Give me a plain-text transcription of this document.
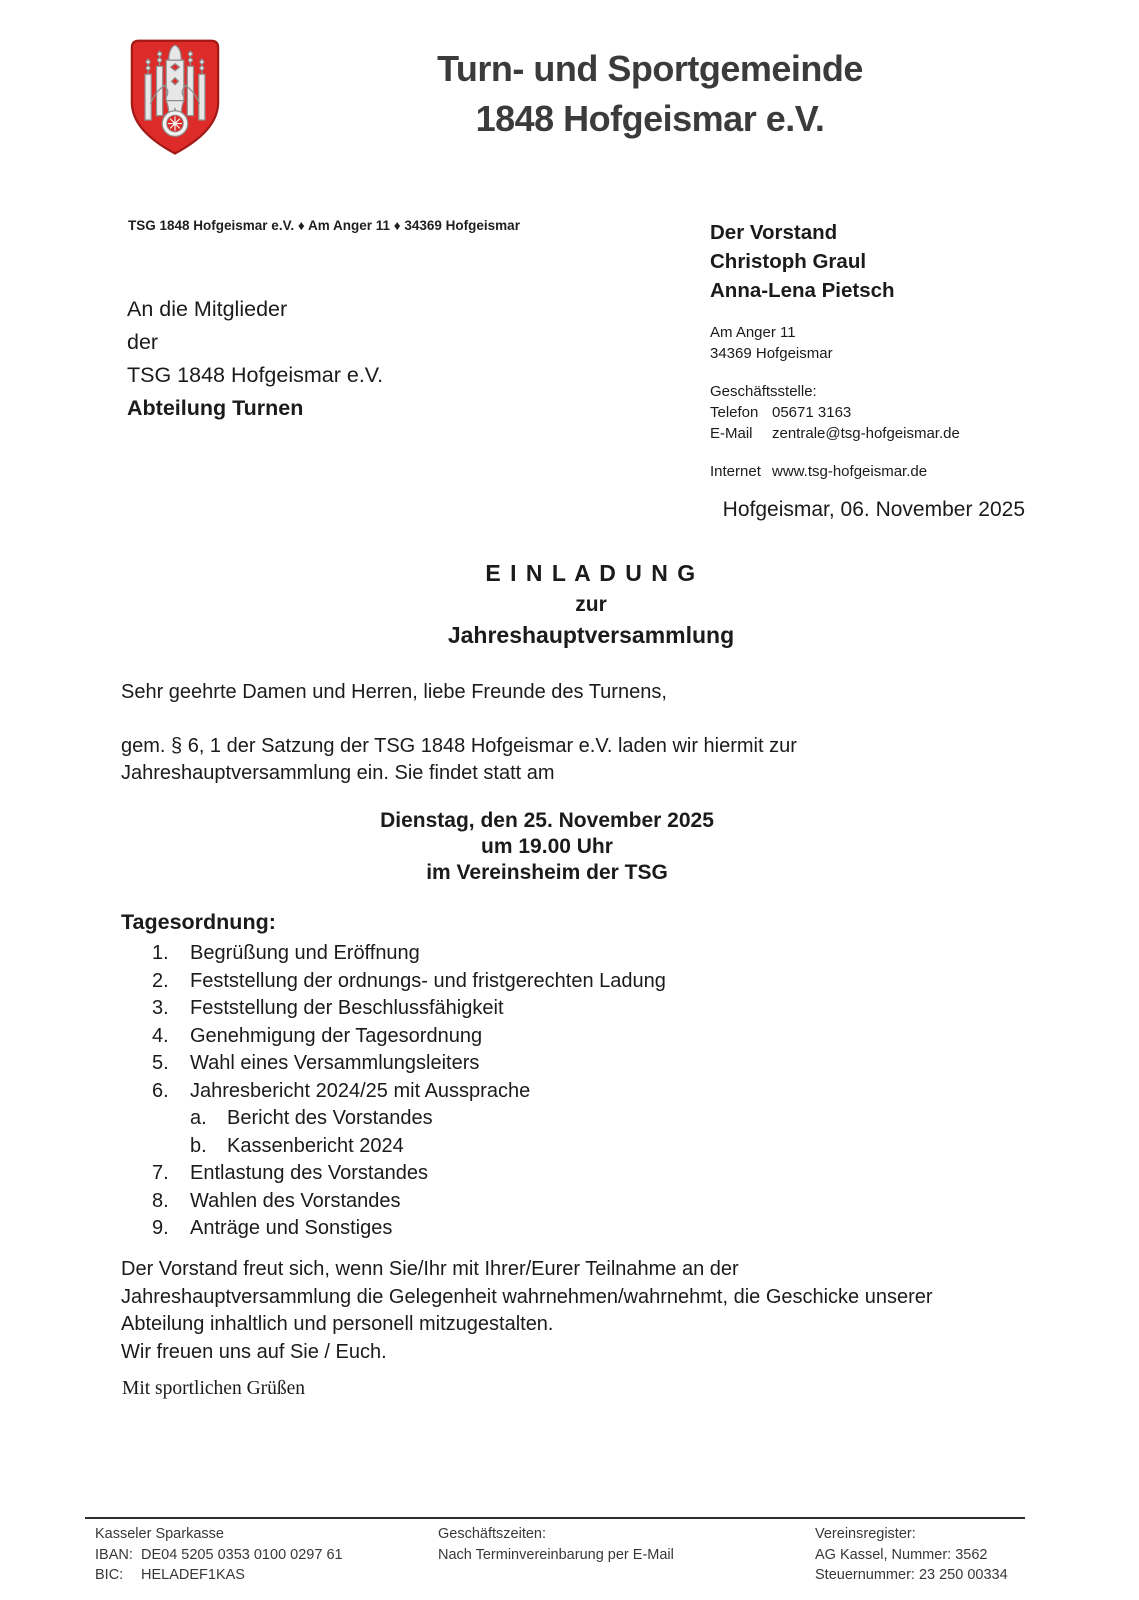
Turn- und Sportgemeinde
1848 Hofgeismar e.V.
TSG 1848 Hofgeismar e.V. ♦ Am Anger 11 ♦ 34369 Hofgeismar
An die Mitglieder
der
TSG 1848 Hofgeismar e.V.
Abteilung Turnen
Der Vorstand
Christoph Graul
Anna-Lena Pietsch
Am Anger 11
34369 Hofgeismar
Geschäftsstelle:
Telefon 05671 3163
E-Mail zentrale@tsg-hofgeismar.de
Internet www.tsg-hofgeismar.de
Hofgeismar, 06. November 2025
E I N L A D U N G
zur
Jahreshauptversammlung
Sehr geehrte Damen und Herren, liebe Freunde des Turnens,
gem. § 6, 1 der Satzung der TSG 1848 Hofgeismar e.V. laden wir hiermit zur
Jahreshauptversammlung ein. Sie findet statt am
Dienstag, den 25. November 2025
um 19.00 Uhr
im Vereinsheim der TSG
Tagesordnung:
1.	Begrüßung und Eröffnung
2.	Feststellung der ordnungs- und fristgerechten Ladung
3.	Feststellung der Beschlussfähigkeit
4.	Genehmigung der Tagesordnung
5.	Wahl eines Versammlungsleiters
6.	Jahresbericht 2024/25 mit Aussprache
a.	Bericht des Vorstandes
b.	Kassenbericht 2024
7.	Entlastung des Vorstandes
8.	Wahlen des Vorstandes
9.	Anträge und Sonstiges
Der Vorstand freut sich, wenn Sie/Ihr mit Ihrer/Eurer Teilnahme an der
Jahreshauptversammlung die Gelegenheit wahrnehmen/wahrnehmt, die Geschicke unserer
Abteilung inhaltlich und personell mitzugestalten.
Wir freuen uns auf Sie / Euch.
Mit sportlichen Grüßen
Kasseler Sparkasse
IBAN: DE04 5205 0353 0100 0297 61
BIC: HELADEF1KAS
Geschäftszeiten:
Nach Terminvereinbarung per E-Mail
Vereinsregister:
AG Kassel, Nummer: 3562
Steuernummer: 23 250 00334
